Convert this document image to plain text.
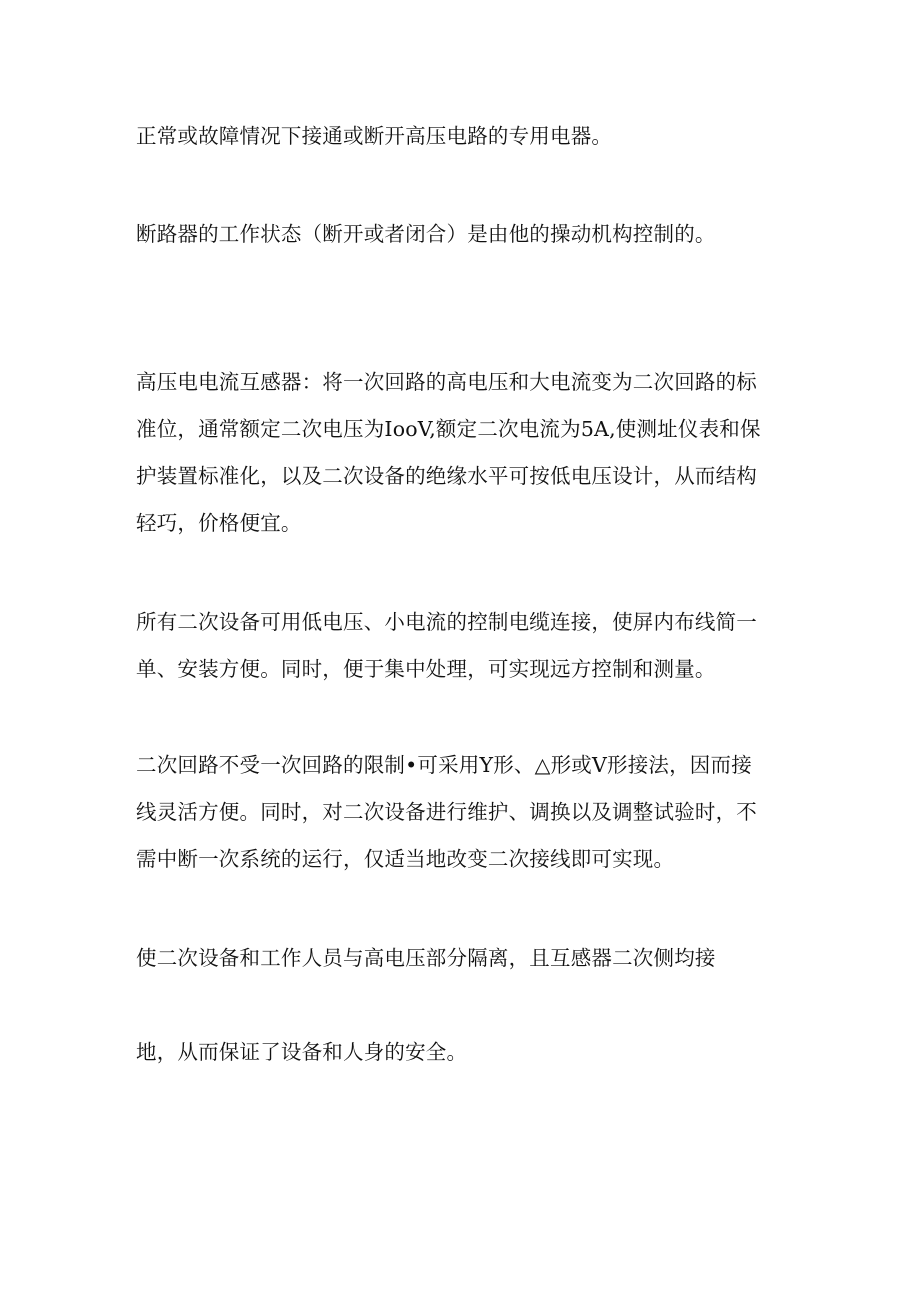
正常或故障情况下接通或断开高压电路的专用电器。

断路器的工作状态（断开或者闭合）是由他的操动机构控制的。

高压电电流互感器：将一次回路的高电压和大电流变为二次回路的标
准位，通常额定二次电压为IooV,额定二次电流为5A,使测址仪表和保
护装置标准化，以及二次设备的绝缘水平可按低电压设计，从而结构
轻巧，价格便宜。

所有二次设备可用低电压、小电流的控制电缆连接，使屏内布线简一
单、安装方便。同时，便于集中处理，可实现远方控制和测量。

二次回路不受一次回路的限制•可采用Y形、△形或V形接法，因而接
线灵活方便。同时，对二次设备进行维护、调换以及调整试验时，不
需中断一次系统的运行，仅适当地改变二次接线即可实现。

使二次设备和工作人员与高电压部分隔离，且互感器二次侧均接

地，从而保证了设备和人身的安全。
